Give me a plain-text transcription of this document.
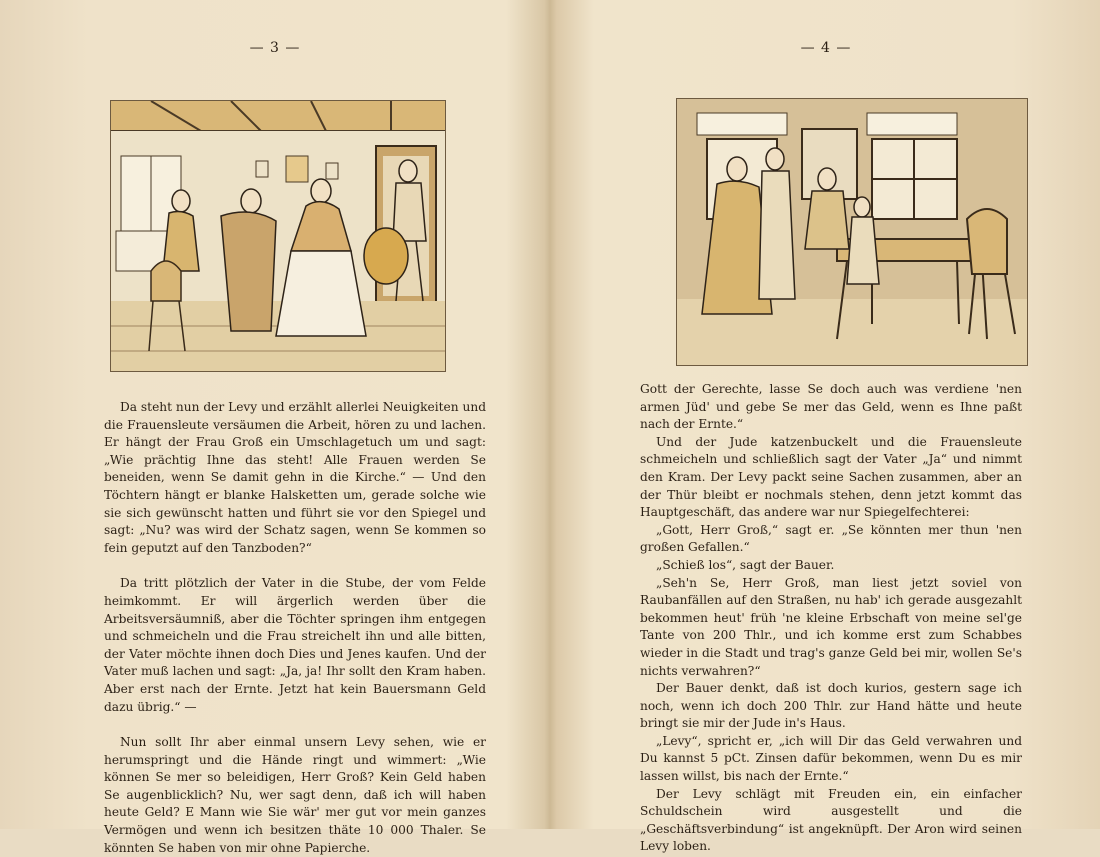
— 3 —

Da steht nun der Levy und erzählt allerlei Neuigkeiten und die Frauensleute versäumen die Arbeit, hören zu und lachen. Er hängt der Frau Groß ein Umschlagetuch um und sagt: „Wie prächtig Ihne das steht! Alle Frauen werden Se beneiden, wenn Se damit gehn in die Kirche.“ — Und den Töchtern hängt er blanke Halsketten um, gerade solche wie sie sich gewünscht hatten und führt sie vor den Spiegel und sagt: „Nu? was wird der Schatz sagen, wenn Se kommen so fein geputzt auf den Tanzboden?“

Da tritt plötzlich der Vater in die Stube, der vom Felde heimkommt. Er will ärgerlich werden über die Arbeitsversäumniß, aber die Töchter springen ihm entgegen und schmeicheln und die Frau streichelt ihn und alle bitten, der Vater möchte ihnen doch Dies und Jenes kaufen. Und der Vater muß lachen und sagt: „Ja, ja! Ihr sollt den Kram haben. Aber erst nach der Ernte. Jetzt hat kein Bauersmann Geld dazu übrig.“ —

Nun sollt Ihr aber einmal unsern Levy sehen, wie er herumspringt und die Hände ringt und wimmert: „Wie können Se mer so beleidigen, Herr Groß? Kein Geld haben Se augenblicklich? Nu, wer sagt denn, daß ich will haben heute Geld? E Mann wie Sie wär' mer gut vor mein ganzes Vermögen und wenn ich besitzen thäte 10 000 Thaler. Se könnten Se haben von mir ohne Papierche.

— 4 —

Gott der Gerechte, lasse Se doch auch was verdiene 'nen armen Jüd' und gebe Se mer das Geld, wenn es Ihne paßt nach der Ernte.“

Und der Jude katzenbuckelt und die Frauensleute schmeicheln und schließlich sagt der Vater „Ja“ und nimmt den Kram. Der Levy packt seine Sachen zusammen, aber an der Thür bleibt er nochmals stehen, denn jetzt kommt das Hauptgeschäft, das andere war nur Spiegelfechterei:

„Gott, Herr Groß,“ sagt er. „Se könnten mer thun 'nen großen Gefallen.“

„Schieß los“, sagt der Bauer.

„Seh'n Se, Herr Groß, man liest jetzt soviel von Raubanfällen auf den Straßen, nu hab' ich gerade ausgezahlt bekommen heut' früh 'ne kleine Erbschaft von meine sel'ge Tante von 200 Thlr., und ich komme erst zum Schabbes wieder in die Stadt und trag's ganze Geld bei mir, wollen Se's nichts verwahren?“

Der Bauer denkt, daß ist doch kurios, gestern sage ich noch, wenn ich doch 200 Thlr. zur Hand hätte und heute bringt sie mir der Jude in's Haus.

„Levy“, spricht er, „ich will Dir das Geld verwahren und Du kannst 5 pCt. Zinsen dafür bekommen, wenn Du es mir lassen willst, bis nach der Ernte.“

Der Levy schlägt mit Freuden ein, ein einfacher Schuldschein wird ausgestellt und die „Geschäftsverbindung“ ist angeknüpft. Der Aron wird seinen Levy loben.
